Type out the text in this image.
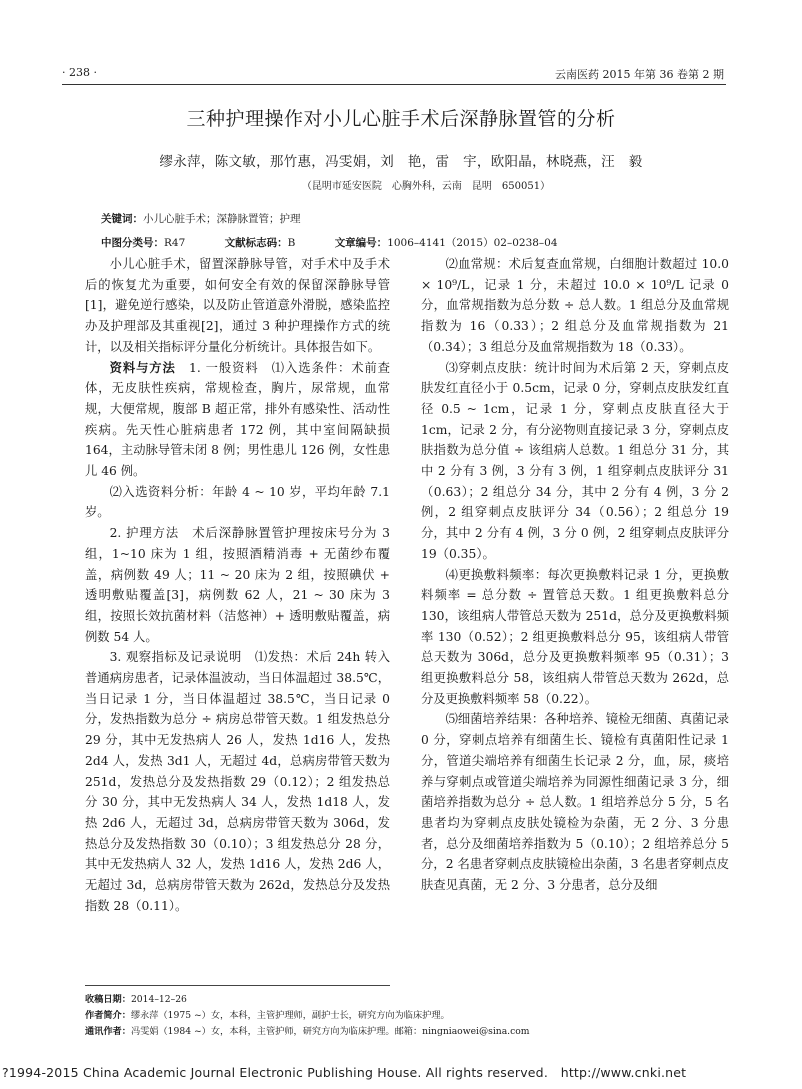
· 238 ·	云南医药 2015 年第 36 卷第 2 期
三种护理操作对小儿心脏手术后深静脉置管的分析
缪永萍，陈文敏，那竹惠，冯雯娟，刘　艳，雷　宇，欧阳晶，林晓燕，汪　毅
（昆明市延安医院　心胸外科，云南　昆明　650051）
关键词：小儿心脏手术；深静脉置管；护理
中图分类号：R47	文献标志码：B	文章编号：1006–4141（2015）02–0238–04

小儿心脏手术，留置深静脉导管，对手术中及手术后的恢复尤为重要，如何安全有效的保留深静脉导管[1]，避免逆行感染，以及防止管道意外滑脱，感染监控办及护理部及其重视[2]，通过 3 种护理操作方式的统计，以及相关指标评分量化分析统计。具体报告如下。

资料与方法　 1. 一般资料　⑴入选条件：术前查体，无皮肤性疾病，常规检查，胸片，尿常规，血常规，大便常规，腹部 B 超正常，排外有感染性、活动性疾病。先天性心脏病患者 172 例，其中室间隔缺损 164，主动脉导管未闭 8 例；男性患儿 126 例，女性患儿 46 例。

⑵入选资料分析：年龄 4 ~ 10 岁，平均年龄 7.1 岁。

2. 护理方法　术后深静脉置管护理按床号分为 3 组，1~10 床为 1 组，按照酒精消毒 + 无菌纱布覆盖，病例数 49 人；11 ~ 20 床为 2 组，按照碘伏 + 透明敷贴覆盖[3]，病例数 62 人，21 ~ 30 床为 3 组，按照长效抗菌材料（洁悠神）+ 透明敷贴覆盖，病例数 54 人。

3. 观察指标及记录说明　⑴发热：术后 24h 转入普通病房患者，记录体温波动，当日体温超过 38.5℃，当日记录 1 分，当日体温超过 38.5℃，当日记录 0 分，发热指数为总分 ÷ 病房总带管天数。1 组发热总分 29 分，其中无发热病人 26 人，发热 1d16 人，发热 2d4 人，发热 3d1 人，无超过 4d，总病房带管天数为 251d，发热总分及发热指数 29（0.12）；2 组发热总分 30 分，其中无发热病人 34 人，发热 1d18 人，发热 2d6 人，无超过 3d，总病房带管天数为 306d，发热总分及发热指数 30（0.10）；3 组发热总分 28 分，其中无发热病人 32 人，发热 1d16 人，发热 2d6 人，无超过 3d，总病房带管天数为 262d，发热总分及发热指数 28（0.11）。

⑵血常规：术后复查血常规，白细胞计数超过 10.0 × 10⁹/L，记录 1 分，未超过 10.0 × 10⁹/L 记录 0 分，血常规指数为总分数 ÷ 总人数。1 组总分及血常规指数为 16（0.33）；2 组总分及血常规指数为 21（0.34）；3 组总分及血常规指数为 18（0.33）。

⑶穿刺点皮肤：统计时间为术后第 2 天，穿刺点皮肤发红直径小于 0.5cm，记录 0 分，穿刺点皮肤发红直径 0.5 ~ 1cm，记录 1 分，穿刺点皮肤直径大于 1cm，记录 2 分，有分泌物则直接记录 3 分，穿刺点皮肤指数为总分值 ÷ 该组病人总数。1 组总分 31 分，其中 2 分有 3 例，3 分有 3 例，1 组穿刺点皮肤评分 31（0.63）；2 组总分 34 分，其中 2 分有 4 例，3 分 2 例，2 组穿刺点皮肤评分 34（0.56）；2 组总分 19 分，其中 2 分有 4 例，3 分 0 例，2 组穿刺点皮肤评分 19（0.35）。

⑷更换敷料频率：每次更换敷料记录 1 分，更换敷料频率 = 总分数 ÷ 置管总天数。1 组更换敷料总分 130，该组病人带管总天数为 251d，总分及更换敷料频率 130（0.52）；2 组更换敷料总分 95，该组病人带管总天数为 306d，总分及更换敷料频率 95（0.31）；3 组更换敷料总分 58，该组病人带管总天数为 262d，总分及更换敷料频率 58（0.22）。

⑸细菌培养结果：各种培养、镜检无细菌、真菌记录 0 分，穿刺点培养有细菌生长、镜检有真菌阳性记录 1 分，管道尖端培养有细菌生长记录 2 分，血，尿，痰培养与穿刺点或管道尖端培养为同源性细菌记录 3 分，细菌培养指数为总分 ÷ 总人数。1 组培养总分 5 分，5 名患者均为穿刺点皮肤处镜检为杂菌，无 2 分、3 分患者，总分及细菌培养指数为 5（0.10）；2 组培养总分 5 分，2 名患者穿刺点皮肤镜检出杂菌，3 名患者穿刺点皮肤查见真菌，无 2 分、3 分患者，总分及细

收稿日期：2014–12–26
作者简介：缪永萍（1975 ~）女，本科，主管护理师，副护士长，研究方向为临床护理。
通讯作者：冯雯娟（1984 ~）女，本科，主管护师，研究方向为临床护理。邮箱：ningniaowei@sina.com
?1994-2015 China Academic Journal Electronic Publishing House. All rights reserved.　http://www.cnki.net
